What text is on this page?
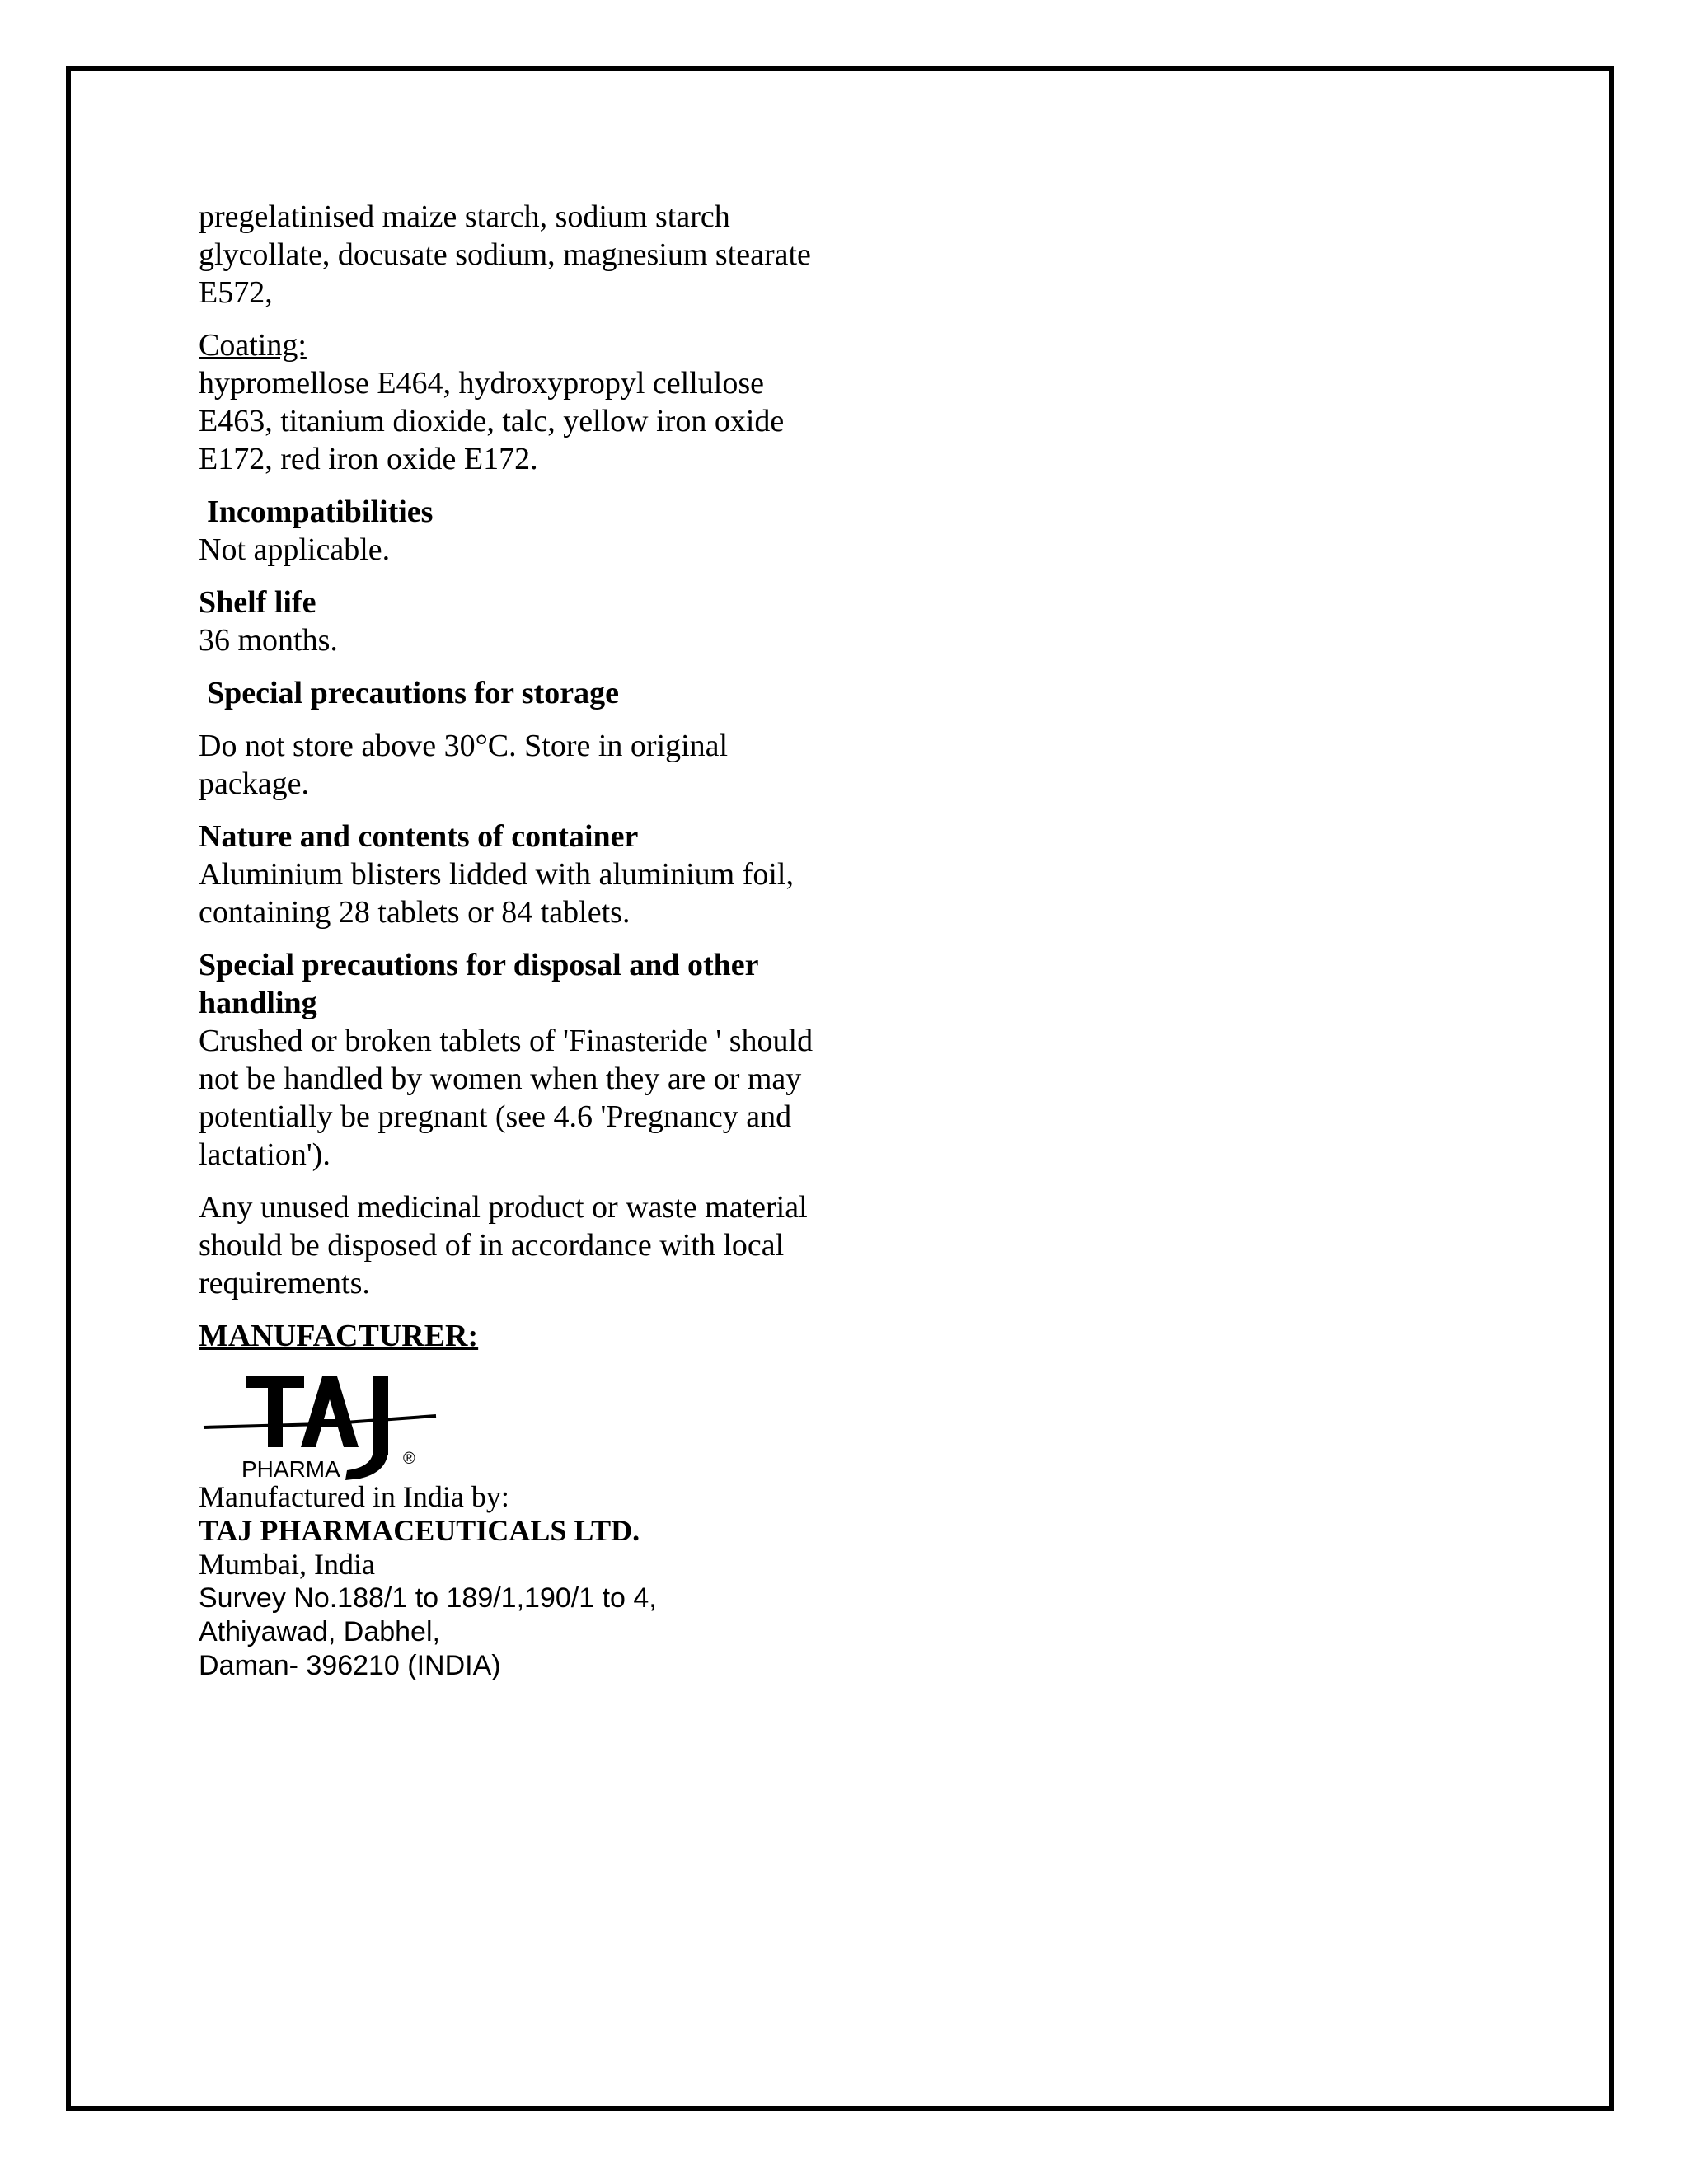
pregelatinised maize starch, sodium starch glycollate, docusate sodium, magnesium stearate E572,

Coating:
hypromellose E464, hydroxypropyl cellulose E463, titanium dioxide, talc, yellow iron oxide E172, red iron oxide E172.
Incompatibilities
Not applicable.
Shelf life
36 months.
Special precautions for storage

Do not store above 30°C. Store in original package.

Nature and contents of container
Aluminium blisters lidded with aluminium foil, containing 28 tablets or 84 tablets.
Special precautions for disposal and other handling
Crushed or broken tablets of 'Finasteride ' should not be handled by women when they are or may potentially be pregnant (see 4.6 'Pregnancy and lactation').

Any unused medicinal product or waste material should be disposed of in accordance with local requirements.

MANUFACTURER:

PHARMA	®
Manufactured in India by:
TAJ PHARMACEUTICALS LTD.
Mumbai, India
Survey No.188/1 to 189/1,190/1 to 4,
Athiyawad, Dabhel,
Daman- 396210 (INDIA)
